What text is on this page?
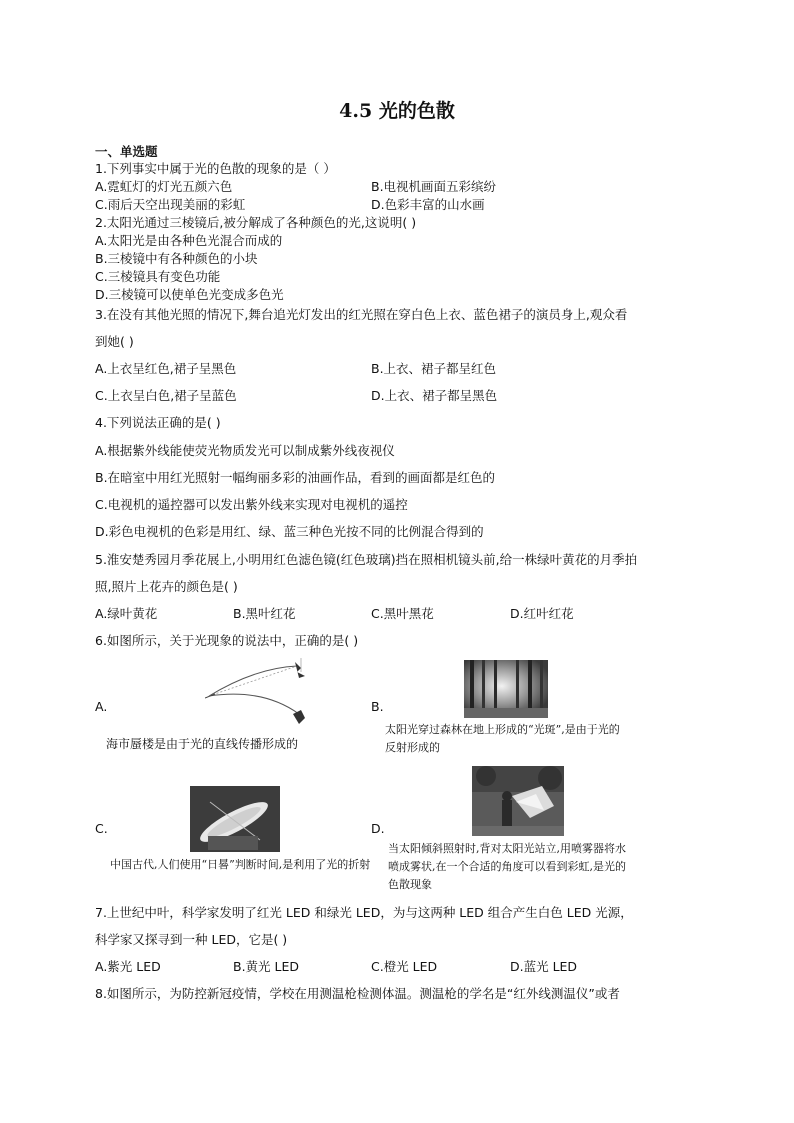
4.5 光的色散
一、单选题
1.下列事实中属于光的色散的现象的是（ ）
A.霓虹灯的灯光五颜六色	B.电视机画面五彩缤纷
C.雨后天空出现美丽的彩虹	D.色彩丰富的山水画
2.太阳光通过三棱镜后,被分解成了各种颜色的光,这说明( )
A.太阳光是由各种色光混合而成的
B.三棱镜中有各种颜色的小块
C.三棱镜具有变色功能
D.三棱镜可以使单色光变成多色光
3.在没有其他光照的情况下,舞台追光灯发出的红光照在穿白色上衣、蓝色裙子的演员身上,观众看
到她( )
A.上衣呈红色,裙子呈黑色	B.上衣、裙子都呈红色
C.上衣呈白色,裙子呈蓝色	D.上衣、裙子都呈黑色
4.下列说法正确的是( )
A.根据紫外线能使荧光物质发光可以制成紫外线夜视仪
B.在暗室中用红光照射一幅绚丽多彩的油画作品，看到的画面都是红色的
C.电视机的遥控器可以发出紫外线来实现对电视机的遥控
D.彩色电视机的色彩是用红、绿、蓝三种色光按不同的比例混合得到的
5.淮安楚秀园月季花展上,小明用红色滤色镜(红色玻璃)挡在照相机镜头前,给一株绿叶黄花的月季拍
照,照片上花卉的颜色是( )
A.绿叶黄花	B.黑叶红花	C.黑叶黑花	D.红叶红花
6.如图所示，关于光现象的说法中，正确的是( )
A.
海市蜃楼是由于光的直线传播形成的
B.
太阳光穿过森林在地上形成的“光斑”,是由于光的
反射形成的
C.
中国古代,人们使用“日晷”判断时间,是利用了光的折射
D.
当太阳倾斜照射时,背对太阳光站立,用喷雾器将水
喷成雾状,在一个合适的角度可以看到彩虹,是光的
色散现象
7.上世纪中叶，科学家发明了红光 LED 和绿光 LED，为与这两种 LED 组合产生白色 LED 光源，
科学家又探寻到一种 LED，它是( )
A.紫光 LED	B.黄光 LED	C.橙光 LED	D.蓝光 LED
8.如图所示，为防控新冠疫情，学校在用测温枪检测体温。测温枪的学名是“红外线测温仪”或者
